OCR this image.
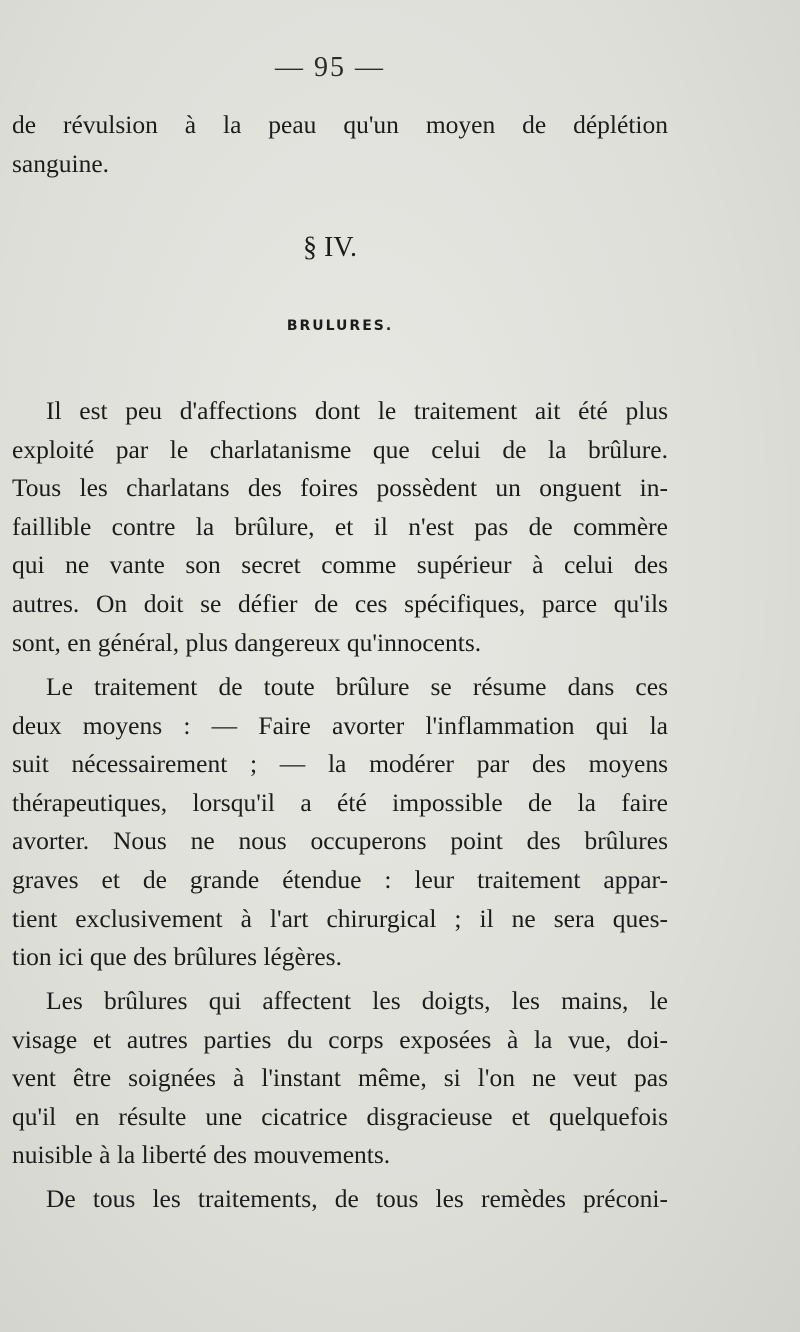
— 95 —
de révulsion à la peau qu'un moyen de déplétion
sanguine.
§ IV.
BRULURES.
Il est peu d'affections dont le traitement ait été plus
exploité par le charlatanisme que celui de la brûlure.
Tous les charlatans des foires possèdent un onguent in-
faillible contre la brûlure, et il n'est pas de commère
qui ne vante son secret comme supérieur à celui des
autres. On doit se défier de ces spécifiques, parce qu'ils
sont, en général, plus dangereux qu'innocents.
Le traitement de toute brûlure se résume dans ces
deux moyens : — Faire avorter l'inflammation qui la
suit nécessairement ; — la modérer par des moyens
thérapeutiques, lorsqu'il a été impossible de la faire
avorter. Nous ne nous occuperons point des brûlures
graves et de grande étendue : leur traitement appar-
tient exclusivement à l'art chirurgical ; il ne sera ques-
tion ici que des brûlures légères.
Les brûlures qui affectent les doigts, les mains, le
visage et autres parties du corps exposées à la vue, doi-
vent être soignées à l'instant même, si l'on ne veut pas
qu'il en résulte une cicatrice disgracieuse et quelquefois
nuisible à la liberté des mouvements.
De tous les traitements, de tous les remèdes préconi-
